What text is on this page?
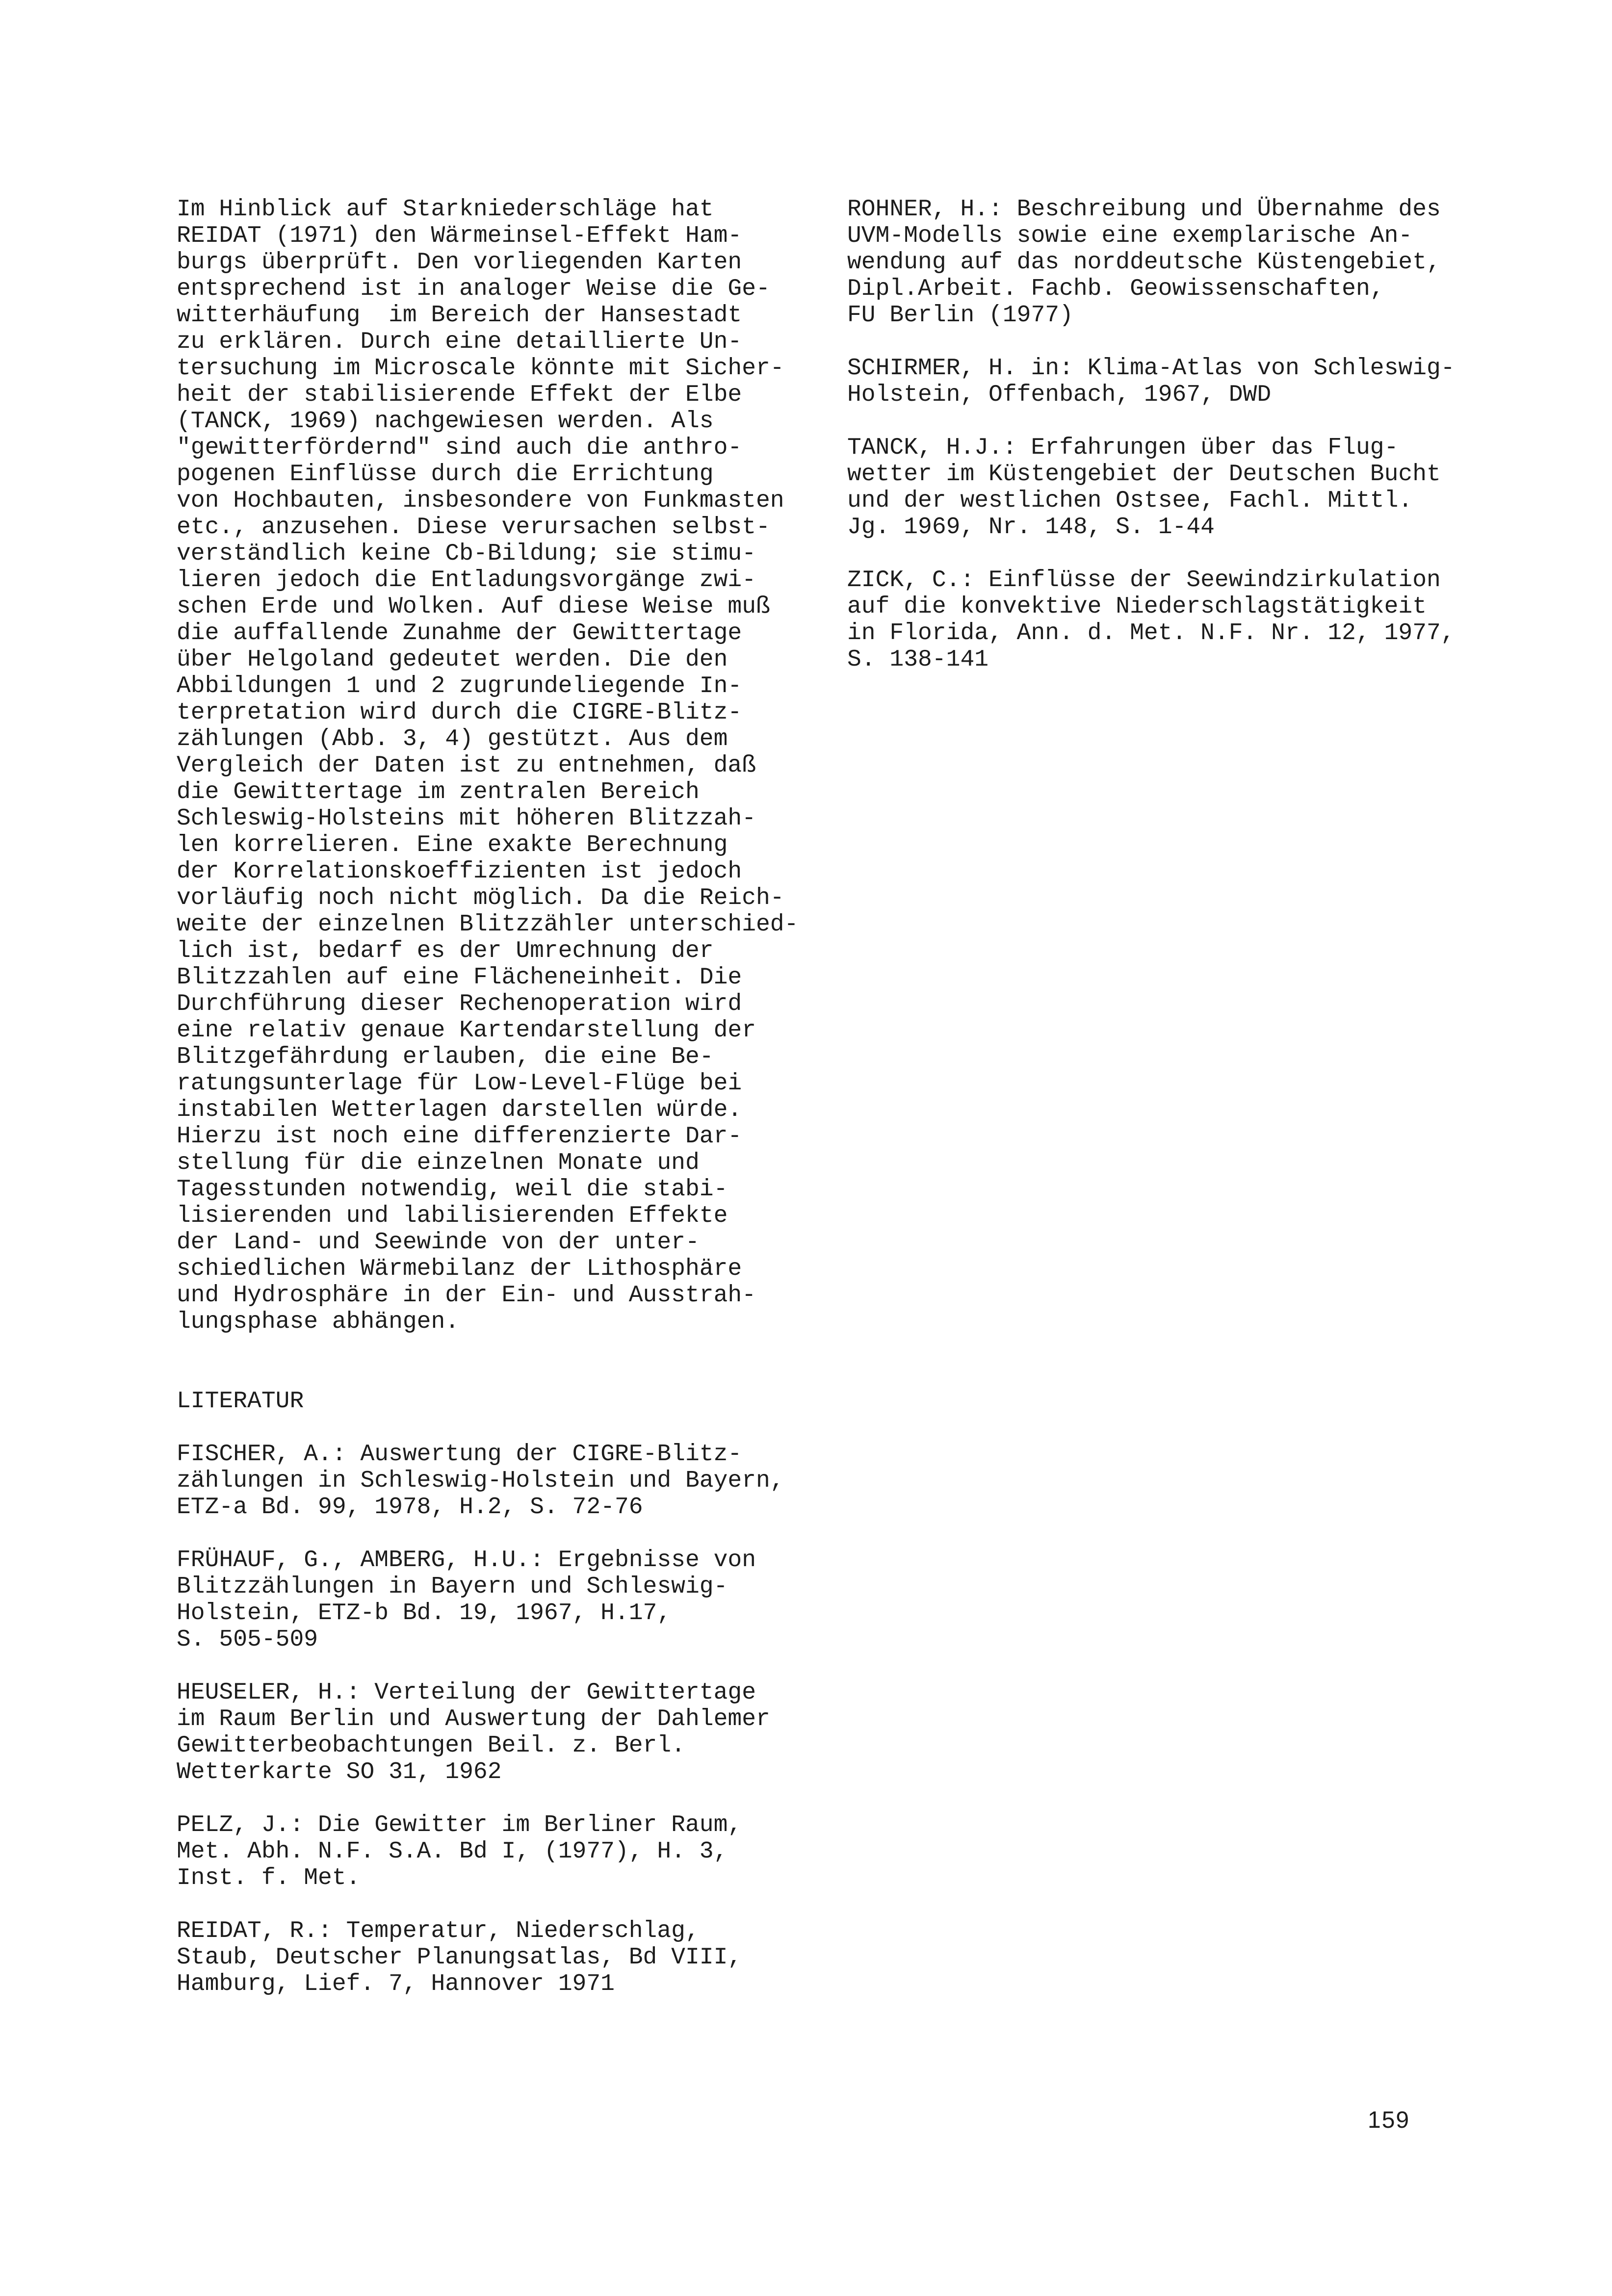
Im Hinblick auf Starkniederschläge hat
REIDAT (1971) den Wärmeinsel-Effekt Ham-
burgs überprüft. Den vorliegenden Karten
entsprechend ist in analoger Weise die Ge-
witterhäufung  im Bereich der Hansestadt
zu erklären. Durch eine detaillierte Un-
tersuchung im Microscale könnte mit Sicher-
heit der stabilisierende Effekt der Elbe
(TANCK, 1969) nachgewiesen werden. Als
"gewitterfördernd" sind auch die anthro-
pogenen Einflüsse durch die Errichtung
von Hochbauten, insbesondere von Funkmasten
etc., anzusehen. Diese verursachen selbst-
verständlich keine Cb-Bildung; sie stimu-
lieren jedoch die Entladungsvorgänge zwi-
schen Erde und Wolken. Auf diese Weise muß
die auffallende Zunahme der Gewittertage
über Helgoland gedeutet werden. Die den
Abbildungen 1 und 2 zugrundeliegende In-
terpretation wird durch die CIGRE-Blitz-
zählungen (Abb. 3, 4) gestützt. Aus dem
Vergleich der Daten ist zu entnehmen, daß
die Gewittertage im zentralen Bereich
Schleswig-Holsteins mit höheren Blitzzah-
len korrelieren. Eine exakte Berechnung
der Korrelationskoeffizienten ist jedoch
vorläufig noch nicht möglich. Da die Reich-
weite der einzelnen Blitzzähler unterschied-
lich ist, bedarf es der Umrechnung der
Blitzzahlen auf eine Flächeneinheit. Die
Durchführung dieser Rechenoperation wird
eine relativ genaue Kartendarstellung der
Blitzgefährdung erlauben, die eine Be-
ratungsunterlage für Low-Level-Flüge bei
instabilen Wetterlagen darstellen würde.
Hierzu ist noch eine differenzierte Dar-
stellung für die einzelnen Monate und
Tagesstunden notwendig, weil die stabi-
lisierenden und labilisierenden Effekte
der Land- und Seewinde von der unter-
schiedlichen Wärmebilanz der Lithosphäre
und Hydrosphäre in der Ein- und Ausstrah-
lungsphase abhängen.
LITERATUR
FISCHER, A.: Auswertung der CIGRE-Blitz-
zählungen in Schleswig-Holstein und Bayern,
ETZ-a Bd. 99, 1978, H.2, S. 72-76
FRÜHAUF, G., AMBERG, H.U.: Ergebnisse von
Blitzzählungen in Bayern und Schleswig-
Holstein, ETZ-b Bd. 19, 1967, H.17,
S. 505-509
HEUSELER, H.: Verteilung der Gewittertage
im Raum Berlin und Auswertung der Dahlemer
Gewitterbeobachtungen Beil. z. Berl.
Wetterkarte SO 31, 1962
PELZ, J.: Die Gewitter im Berliner Raum,
Met. Abh. N.F. S.A. Bd I, (1977), H. 3,
Inst. f. Met.
REIDAT, R.: Temperatur, Niederschlag,
Staub, Deutscher Planungsatlas, Bd VIII,
Hamburg, Lief. 7, Hannover 1971
ROHNER, H.: Beschreibung und Übernahme des
UVM-Modells sowie eine exemplarische An-
wendung auf das norddeutsche Küstengebiet,
Dipl.Arbeit. Fachb. Geowissenschaften,
FU Berlin (1977)
SCHIRMER, H. in: Klima-Atlas von Schleswig-
Holstein, Offenbach, 1967, DWD
TANCK, H.J.: Erfahrungen über das Flug-
wetter im Küstengebiet der Deutschen Bucht
und der westlichen Ostsee, Fachl. Mittl.
Jg. 1969, Nr. 148, S. 1-44
ZICK, C.: Einflüsse der Seewindzirkulation
auf die konvektive Niederschlagstätigkeit
in Florida, Ann. d. Met. N.F. Nr. 12, 1977,
S. 138-141
159
